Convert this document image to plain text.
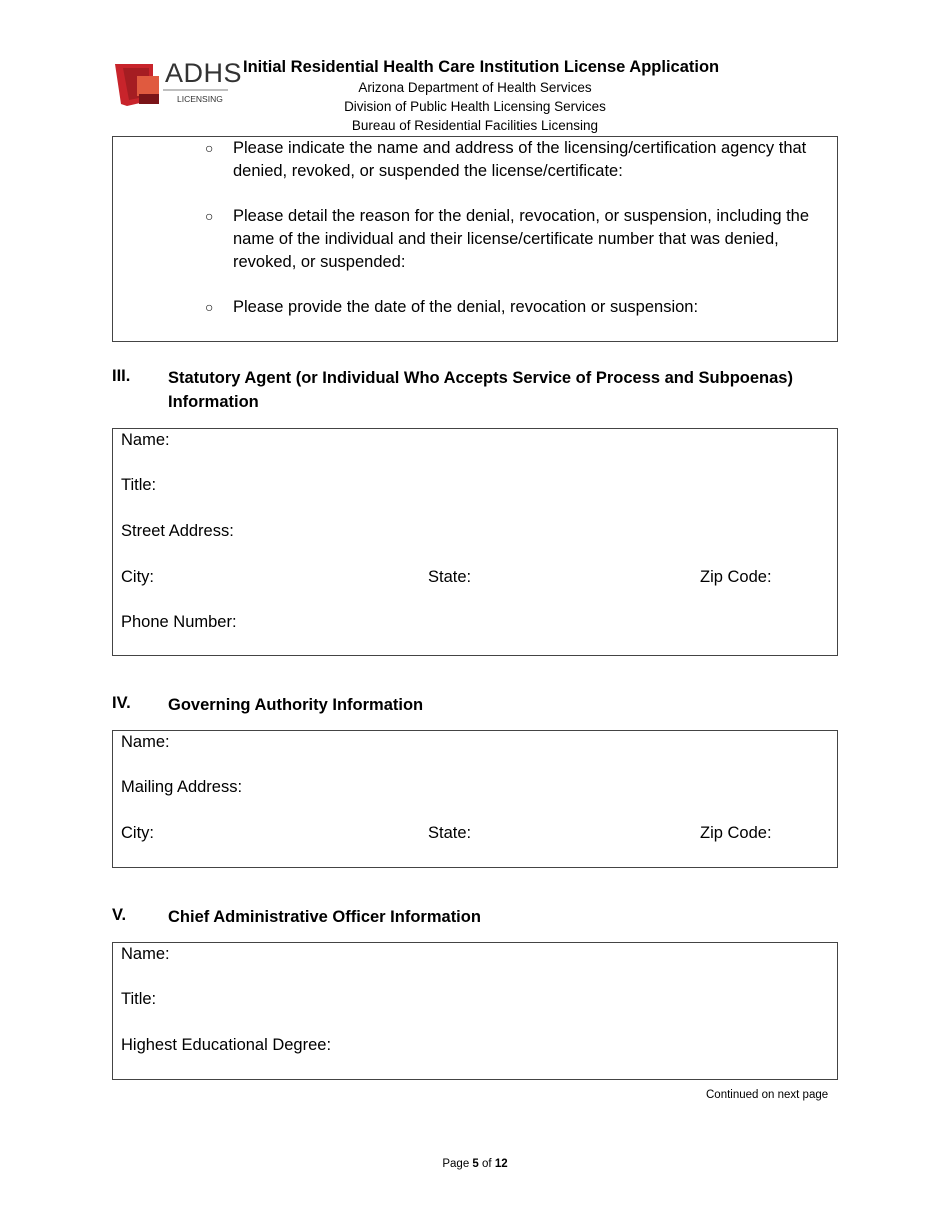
ADHS
LICENSING
Initial Residential Health Care Institution License Application
Arizona Department of Health Services
Division of Public Health Licensing Services
Bureau of Residential Facilities Licensing
○ Please indicate the name and address of the licensing/certification agency that denied, revoked, or suspended the license/certificate:
○ Please detail the reason for the denial, revocation, or suspension, including the name of the individual and their license/certificate number that was denied, revoked, or suspended:
○ Please provide the date of the denial, revocation or suspension:
III. Statutory Agent (or Individual Who Accepts Service of Process and Subpoenas) Information
Name:
Title:
Street Address:
City:	State:	Zip Code:
Phone Number:
IV. Governing Authority Information
Name:
Mailing Address:
City:	State:	Zip Code:
V.	Chief Administrative Officer Information
Name:
Title:
Highest Educational Degree:
Continued on next page
Page 5 of 12
